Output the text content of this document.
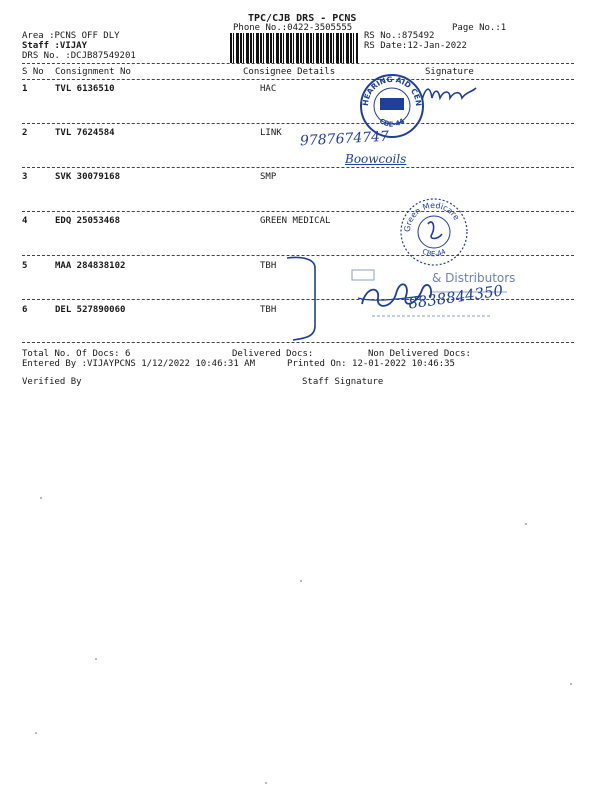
TPC/CJB DRS - PCNS
Phone No.:0422-3505555	Page No.:1
Area :PCNS OFF DLY
Staff :VIJAY
DRS No. :DCJB87549201
RS No.:875492
RS Date:12-Jan-2022
S No Consignment No	Consignee Details	Signature
1	TVL 6136510	HAC
2	TVL 7624584	LINK
3	SVK 30079168	SMP
4	EDQ 25053468	GREEN MEDICAL
5	MAA 284838102	TBH
6	DEL 527890060	TBH
Total No. Of Docs: 6	Delivered Docs:	Non Delivered Docs:
Entered By :VIJAYPCNS 1/12/2022 10:46:31 AM	Printed On: 12-01-2022 10:46:35
Verified By	Staff Signature
HEARING AID CENTRE
CBE-44
9787674747
Boowcoils
Green Medicare
CBE-44
& Distributors
8838844350
